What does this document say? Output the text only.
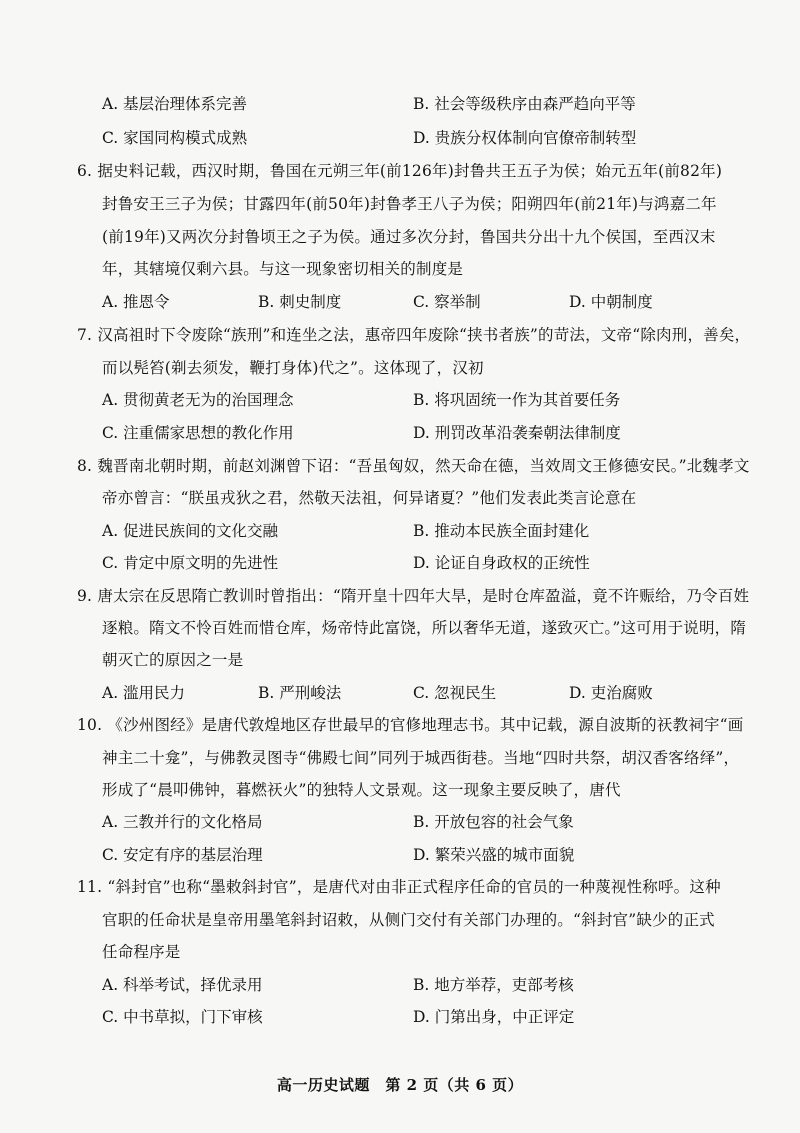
A. 基层治理体系完善	B. 社会等级秩序由森严趋向平等
C. 家国同构模式成熟	D. 贵族分权体制向官僚帝制转型
6. 据史料记载，西汉时期，鲁国在元朔三年(前126年)封鲁共王五子为侯；始元五年(前82年)
封鲁安王三子为侯；甘露四年(前50年)封鲁孝王八子为侯；阳朔四年(前21年)与鸿嘉二年
(前19年)又两次分封鲁顷王之子为侯。通过多次分封，鲁国共分出十九个侯国，至西汉末
年，其辖境仅剩六县。与这一现象密切相关的制度是
A. 推恩令	B. 刺史制度	C. 察举制	D. 中朝制度
7. 汉高祖时下令废除“族刑”和连坐之法，惠帝四年废除“挟书者族”的苛法，文帝“除肉刑，善矣，
而以髡笞(剃去须发，鞭打身体)代之”。这体现了，汉初
A. 贯彻黄老无为的治国理念	B. 将巩固统一作为其首要任务
C. 注重儒家思想的教化作用	D. 刑罚改革沿袭秦朝法律制度
8. 魏晋南北朝时期，前赵刘渊曾下诏：“吾虽匈奴，然天命在德，当效周文王修德安民。”北魏孝文
帝亦曾言：“朕虽戎狄之君，然敬天法祖，何异诸夏？”他们发表此类言论意在
A. 促进民族间的文化交融	B. 推动本民族全面封建化
C. 肯定中原文明的先进性	D. 论证自身政权的正统性
9. 唐太宗在反思隋亡教训时曾指出：“隋开皇十四年大旱，是时仓库盈溢，竟不许赈给，乃令百姓
逐粮。隋文不怜百姓而惜仓库，炀帝恃此富饶，所以奢华无道，遂致灭亡。”这可用于说明，隋
朝灭亡的原因之一是
A. 滥用民力	B. 严刑峻法	C. 忽视民生	D. 吏治腐败
10. 《沙州图经》是唐代敦煌地区存世最早的官修地理志书。其中记载，源自波斯的祆教祠宇“画
神主二十龛”，与佛教灵图寺“佛殿七间”同列于城西街巷。当地“四时共祭，胡汉香客络绎”，
形成了“晨叩佛钟，暮燃祆火”的独特人文景观。这一现象主要反映了，唐代
A. 三教并行的文化格局	B. 开放包容的社会气象
C. 安定有序的基层治理	D. 繁荣兴盛的城市面貌
11. “斜封官”也称“墨敕斜封官”，是唐代对由非正式程序任命的官员的一种蔑视性称呼。这种
官职的任命状是皇帝用墨笔斜封诏敕，从侧门交付有关部门办理的。“斜封官”缺少的正式
任命程序是
A. 科举考试，择优录用	B. 地方举荐，吏部考核
C. 中书草拟，门下审核	D. 门第出身，中正评定
高一历史试题　第 2 页（共 6 页）
